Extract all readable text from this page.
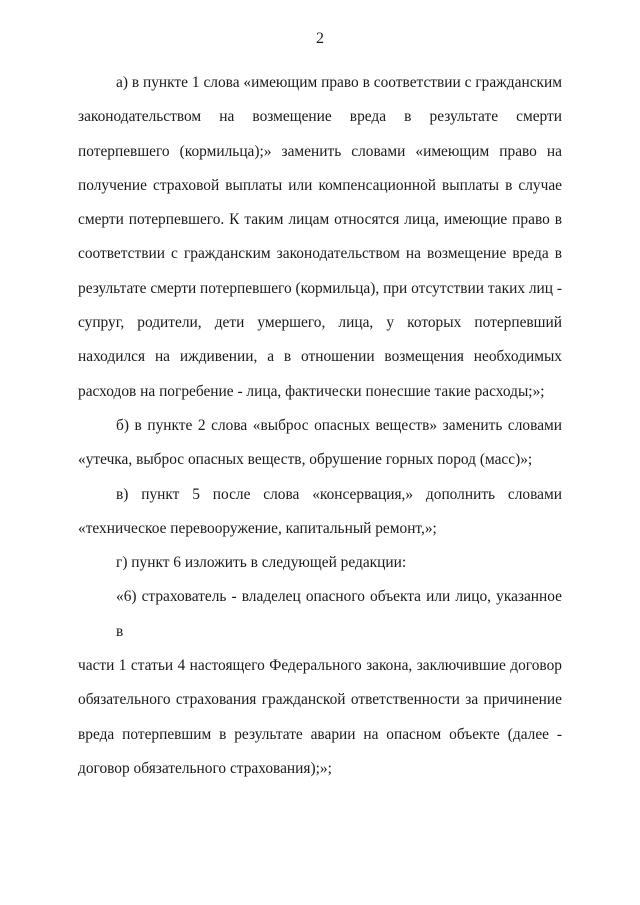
2
а) в пункте 1 слова «имеющим право в соответствии с гражданским
законодательством на возмещение вреда в результате смерти
потерпевшего (кормильца);» заменить словами «имеющим право на
получение страховой выплаты или компенсационной выплаты в случае
смерти потерпевшего. К таким лицам относятся лица, имеющие право в
соответствии с гражданским законодательством на возмещение вреда в
результате смерти потерпевшего (кормильца), при отсутствии таких лиц -
супруг, родители, дети умершего, лица, у которых потерпевший
находился на иждивении, а в отношении возмещения необходимых
расходов на погребение - лица, фактически понесшие такие расходы;»;
б) в пункте 2 слова «выброс опасных веществ» заменить словами
«утечка, выброс опасных веществ, обрушение горных пород (масс)»;
в) пункт 5 после слова «консервация,» дополнить словами
«техническое перевооружение, капитальный ремонт,»;
г) пункт 6 изложить в следующей редакции:
«6) страхователь - владелец опасного объекта или лицо, указанное в
части 1 статьи 4 настоящего Федерального закона, заключившие договор
обязательного страхования гражданской ответственности за причинение
вреда потерпевшим в результате аварии на опасном объекте (далее -
договор обязательного страхования);»;
